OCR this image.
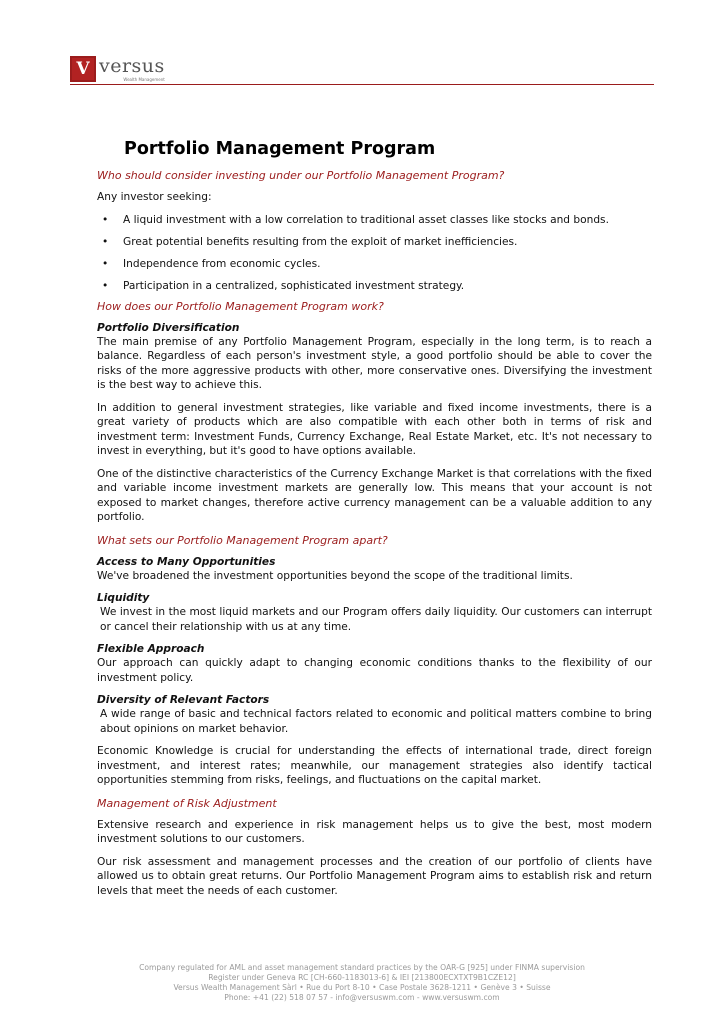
V versus
Wealth Management
Portfolio Management Program
Who should consider investing under our Portfolio Management Program?
Any investor seeking:
• A liquid investment with a low correlation to traditional asset classes like stocks and bonds.
• Great potential benefits resulting from the exploit of market inefficiencies.
• Independence from economic cycles.
• Participation in a centralized, sophisticated investment strategy.
How does our Portfolio Management Program work?
Portfolio Diversification
The main premise of any Portfolio Management Program, especially in the long term, is to reach a balance. Regardless of each person's investment style, a good portfolio should be able to cover the risks of the more aggressive products with other, more conservative ones. Diversifying the investment is the best way to achieve this.
In addition to general investment strategies, like variable and fixed income investments, there is a great variety of products which are also compatible with each other both in terms of risk and investment term: Investment Funds, Currency Exchange, Real Estate Market, etc. It's not necessary to invest in everything, but it's good to have options available.
One of the distinctive characteristics of the Currency Exchange Market is that correlations with the fixed and variable income investment markets are generally low. This means that your account is not exposed to market changes, therefore active currency management can be a valuable addition to any portfolio.
What sets our Portfolio Management Program apart?
Access to Many Opportunities
We've broadened the investment opportunities beyond the scope of the traditional limits.
Liquidity
We invest in the most liquid markets and our Program offers daily liquidity. Our customers can interrupt or cancel their relationship with us at any time.
Flexible Approach
Our approach can quickly adapt to changing economic conditions thanks to the flexibility of our investment policy.
Diversity of Relevant Factors
A wide range of basic and technical factors related to economic and political matters combine to bring about opinions on market behavior.
Economic Knowledge is crucial for understanding the effects of international trade, direct foreign investment, and interest rates; meanwhile, our management strategies also identify tactical opportunities stemming from risks, feelings, and fluctuations on the capital market.
Management of Risk Adjustment
Extensive research and experience in risk management helps us to give the best, most modern investment solutions to our customers.
Our risk assessment and management processes and the creation of our portfolio of clients have allowed us to obtain great returns. Our Portfolio Management Program aims to establish risk and return levels that meet the needs of each customer.
Company regulated for AML and asset management standard practices by the OAR-G [925] under FINMA supervision
Register under Geneva RC [CH-660-1183013-6] & IEI [213800ECXTXT9B1CZE12]
Versus Wealth Management Sàrl • Rue du Port 8-10 • Case Postale 3628-1211 • Genève 3 • Suisse
Phone: +41 (22) 518 07 57 - info@versuswm.com - www.versuswm.com
